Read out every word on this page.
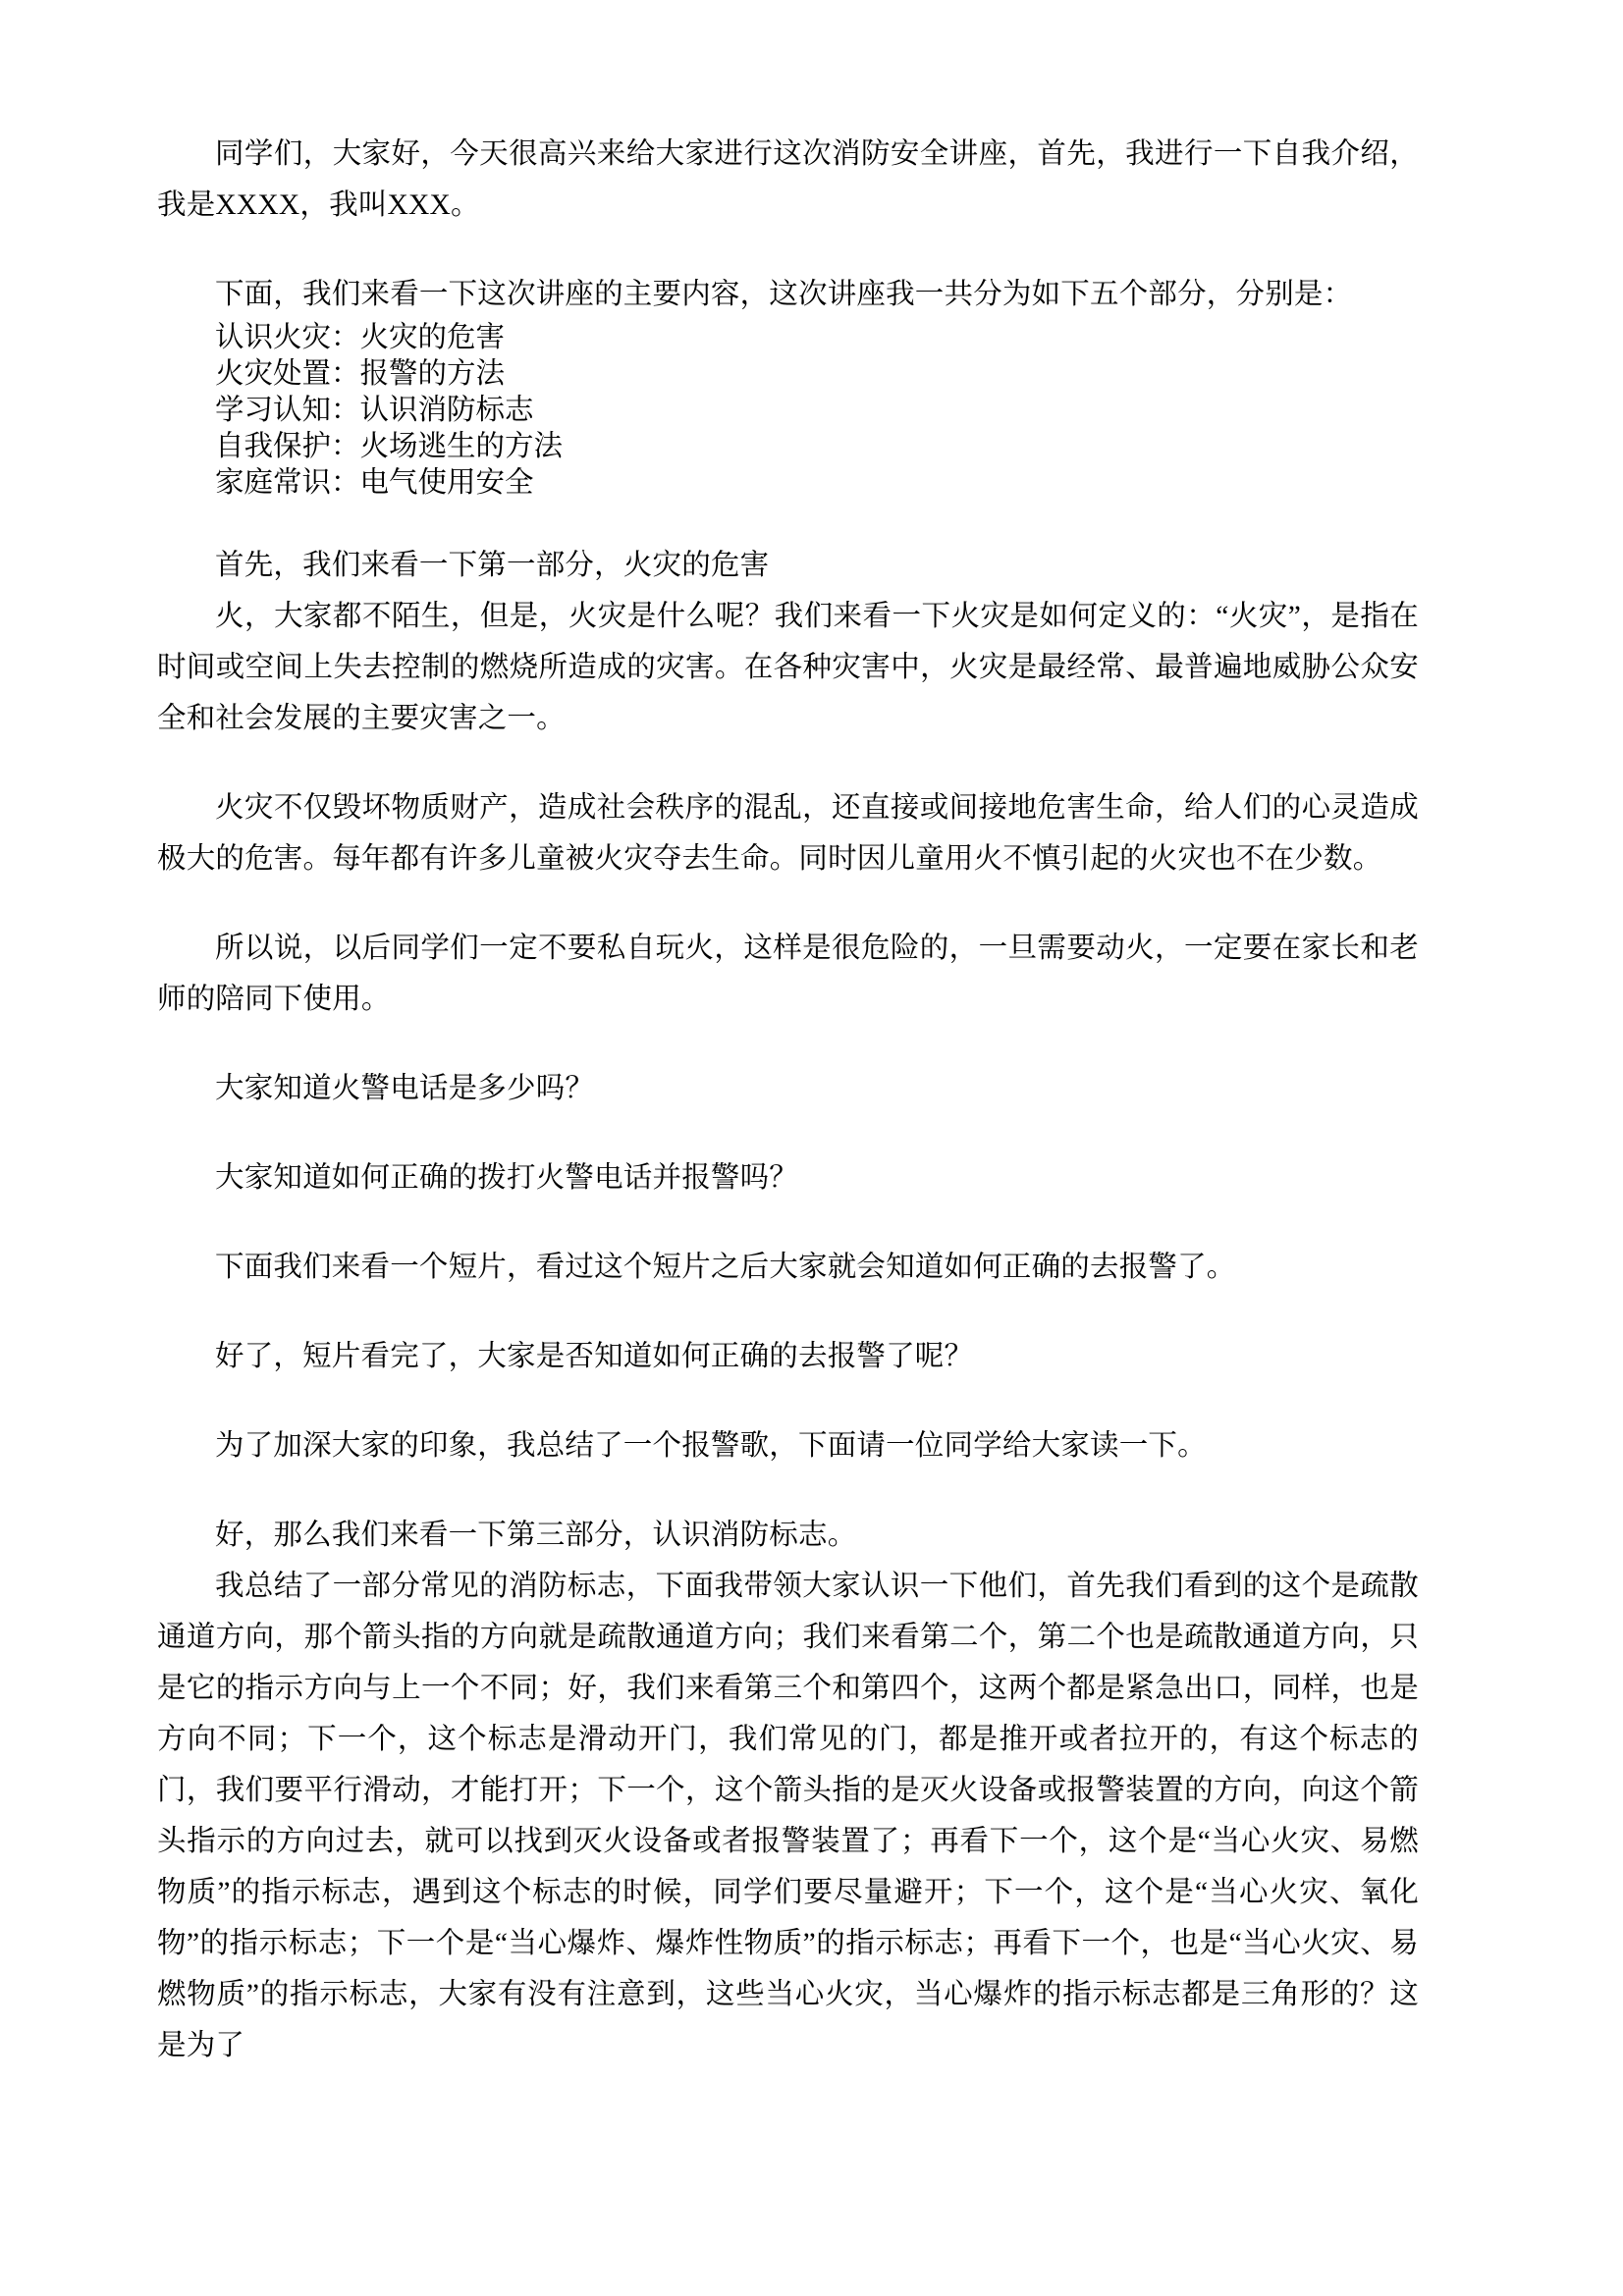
同学们，大家好，今天很高兴来给大家进行这次消防安全讲座，首先，我进行一下自我介绍，我是XXXX，我叫XXX。

下面，我们来看一下这次讲座的主要内容，这次讲座我一共分为如下五个部分，分别是：

认识火灾：火灾的危害
火灾处置：报警的方法
学习认知：认识消防标志
自我保护：火场逃生的方法
家庭常识：电气使用安全

首先，我们来看一下第一部分，火灾的危害

火，大家都不陌生，但是，火灾是什么呢？我们来看一下火灾是如何定义的：“火灾”，是指在时间或空间上失去控制的燃烧所造成的灾害。在各种灾害中，火灾是最经常、最普遍地威胁公众安全和社会发展的主要灾害之一。

火灾不仅毁坏物质财产，造成社会秩序的混乱，还直接或间接地危害生命，给人们的心灵造成极大的危害。每年都有许多儿童被火灾夺去生命。同时因儿童用火不慎引起的火灾也不在少数。

所以说，以后同学们一定不要私自玩火，这样是很危险的，一旦需要动火，一定要在家长和老师的陪同下使用。

大家知道火警电话是多少吗？

大家知道如何正确的拨打火警电话并报警吗？

下面我们来看一个短片，看过这个短片之后大家就会知道如何正确的去报警了。

好了，短片看完了，大家是否知道如何正确的去报警了呢？

为了加深大家的印象，我总结了一个报警歌，下面请一位同学给大家读一下。

好，那么我们来看一下第三部分，认识消防标志。

我总结了一部分常见的消防标志，下面我带领大家认识一下他们，首先我们看到的这个是疏散通道方向，那个箭头指的方向就是疏散通道方向；我们来看第二个，第二个也是疏散通道方向，只是它的指示方向与上一个不同；好，我们来看第三个和第四个，这两个都是紧急出口，同样，也是方向不同；下一个，这个标志是滑动开门，我们常见的门，都是推开或者拉开的，有这个标志的门，我们要平行滑动，才能打开；下一个，这个箭头指的是灭火设备或报警装置的方向，向这个箭头指示的方向过去，就可以找到灭火设备或者报警装置了；再看下一个，这个是“当心火灾、易燃物质”的指示标志，遇到这个标志的时候，同学们要尽量避开；下一个，这个是“当心火灾、氧化物”的指示标志；下一个是“当心爆炸、爆炸性物质”的指示标志；再看下一个，也是“当心火灾、易燃物质”的指示标志，大家有没有注意到，这些当心火灾，当心爆炸的指示标志都是三角形的？这是为了
